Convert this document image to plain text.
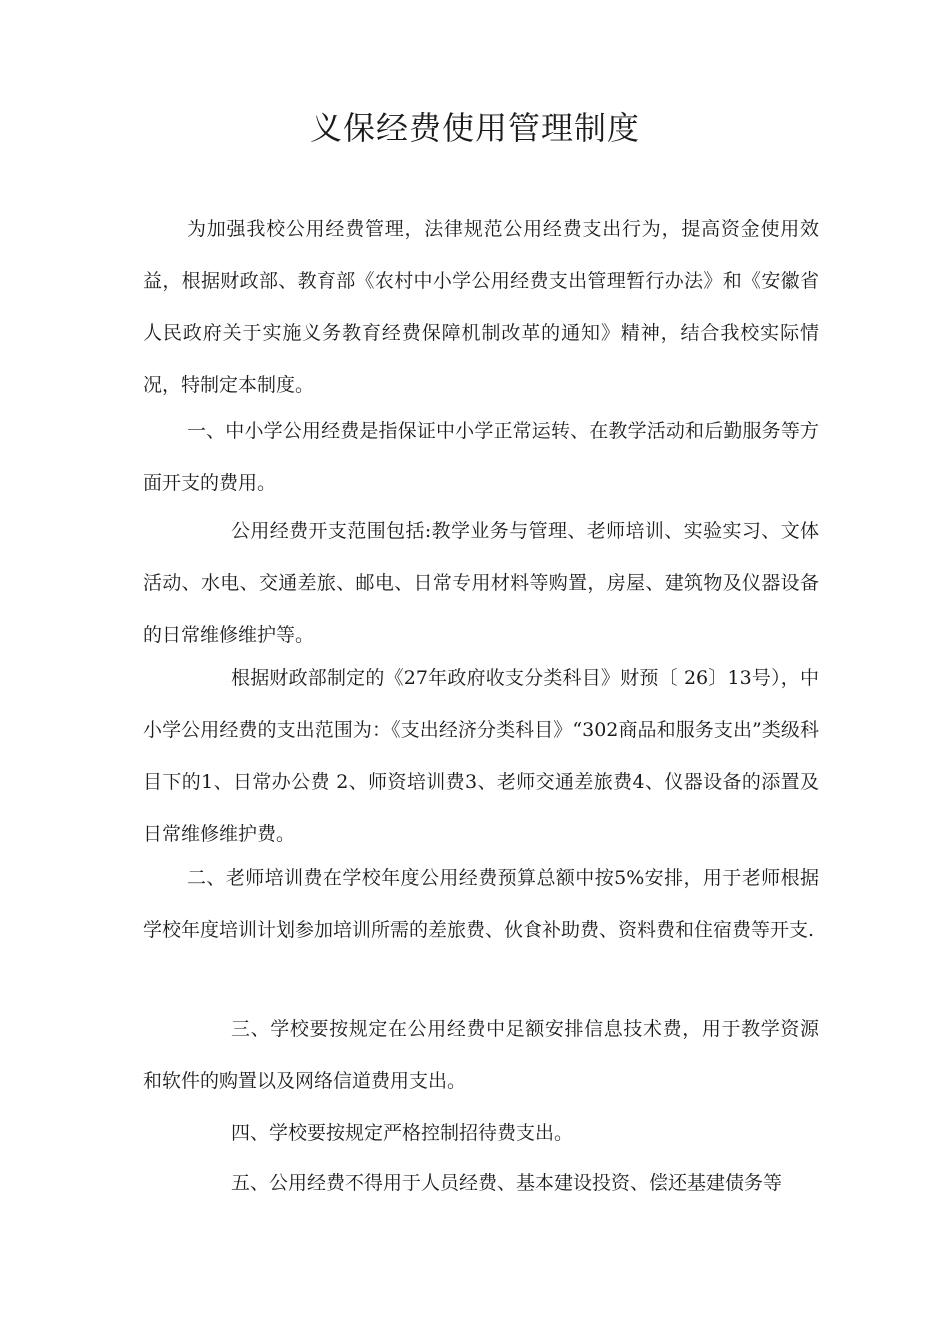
义保经费使用管理制度

为加强我校公用经费管理，法律规范公用经费支出行为，提高资金使用效益，根据财政部、教育部《农村中小学公用经费支出管理暂行办法》和《安徽省人民政府关于实施义务教育经费保障机制改革的通知》精神，结合我校实际情况，特制定本制度。

一、中小学公用经费是指保证中小学正常运转、在教学活动和后勤服务等方面开支的费用。

公用经费开支范围包括:教学业务与管理、老师培训、实验实习、文体活动、水电、交通差旅、邮电、日常专用材料等购置，房屋、建筑物及仪器设备的日常维修维护等。

根据财政部制定的《27年政府收支分类科目》财预〔 26〕13号），中小学公用经费的支出范围为：《支出经济分类科目》“302商品和服务支出”类级科目下的1、日常办公费 2、师资培训费3、老师交通差旅费4、仪器设备的添置及日常维修维护费。

二、老师培训费在学校年度公用经费预算总额中按5%安排，用于老师根据学校年度培训计划参加培训所需的差旅费、伙食补助费、资料费和住宿费等开支.

三、学校要按规定在公用经费中足额安排信息技术费，用于教学资源和软件的购置以及网络信道费用支出。

四、学校要按规定严格控制招待费支出。

五、公用经费不得用于人员经费、基本建设投资、偿还基建债务等
